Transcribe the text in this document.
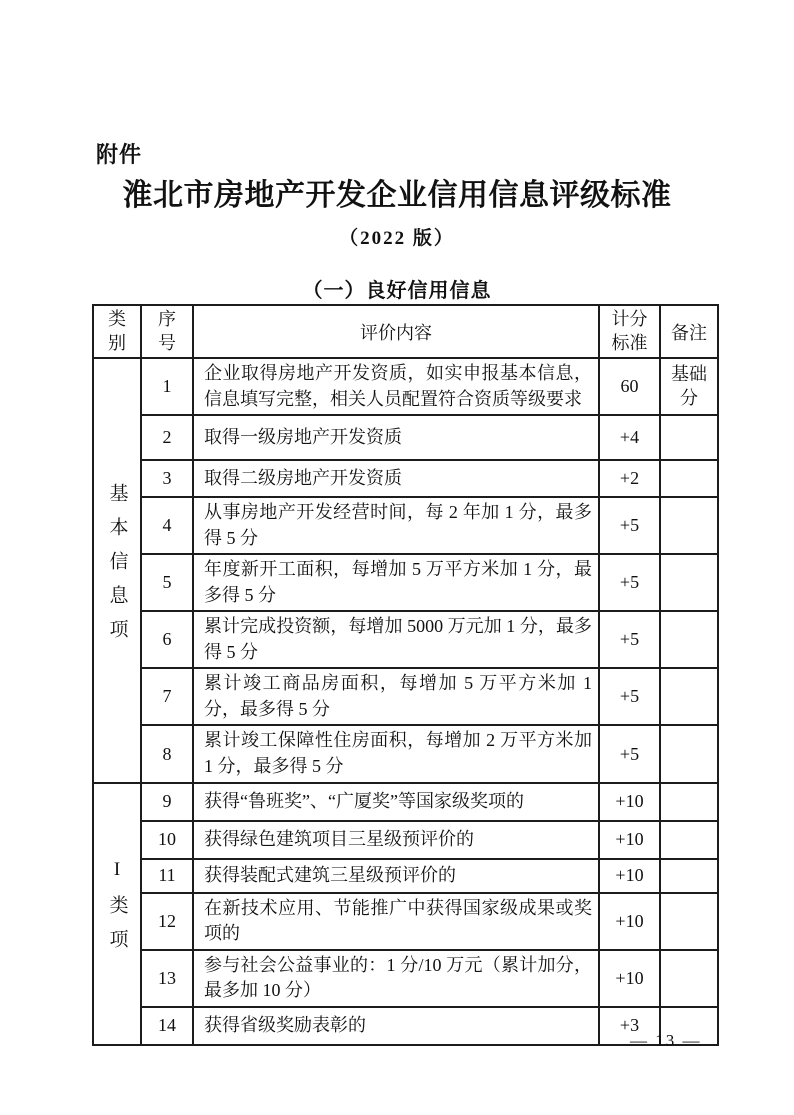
附件
淮北市房地产开发企业信用信息评级标准
（2022 版）
（一）良好信用信息
类别	序号	评价内容	计分标准	备注
基本信息项	1	企业取得房地产开发资质，如实申报基本信息，信息填写完整，相关人员配置符合资质等级要求	60	基础分
	2	取得一级房地产开发资质	+4	
	3	取得二级房地产开发资质	+2	
	4	从事房地产开发经营时间，每 2 年加 1 分，最多得 5 分	+5	
	5	年度新开工面积，每增加 5 万平方米加 1 分，最多得 5 分	+5	
	6	累计完成投资额，每增加 5000 万元加 1 分，最多得 5 分	+5	
	7	累计竣工商品房面积，每增加 5 万平方米加 1 分，最多得 5 分	+5	
	8	累计竣工保障性住房面积，每增加 2 万平方米加 1 分，最多得 5 分	+5	
I类项	9	获得“鲁班奖”、“广厦奖”等国家级奖项的	+10	
	10	获得绿色建筑项目三星级预评价的	+10	
	11	获得装配式建筑三星级预评价的	+10	
	12	在新技术应用、节能推广中获得国家级成果或奖项的	+10	
	13	参与社会公益事业的：1 分/10 万元（累计加分，最多加 10 分）	+10	
	14	获得省级奖励表彰的	+3	
— 13 —
